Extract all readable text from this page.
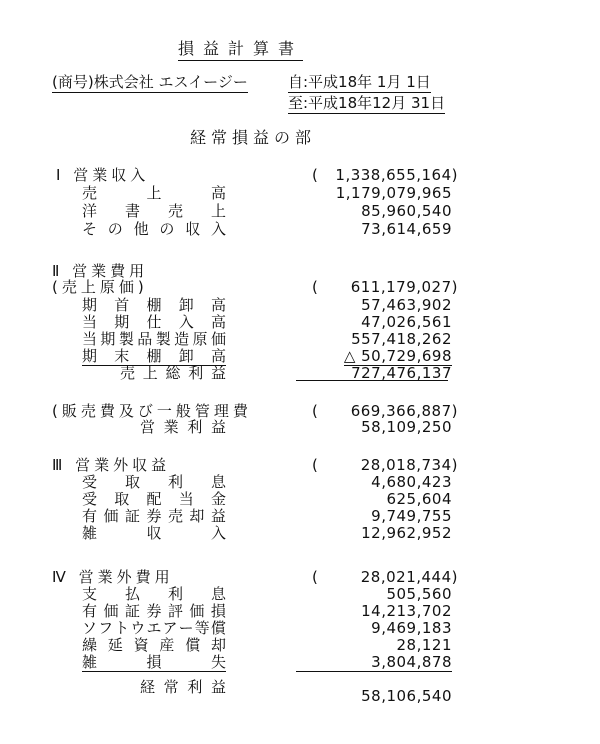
損益計算書
(商号)株式会社 エスイージー	自:平成18年 1月 1日
至:平成18年12月 31日
経常損益の部
Ⅰ 営業収入	( 1,338,655,164)
売	上	高	1,179,079,965
洋 書 売 上	85,960,540
そ の 他 の 収 入	73,614,659
Ⅱ 営業費用
(売上原価)	( 611,179,027)
期 首 棚 卸 高	57,463,902
当 期 仕 入 高	47,026,561
当 期 製 品 製 造 原 価	557,418,262
期 末 棚 卸 高	△ 50,729,698
売 上 総 利 益	727,476,137
(販売費及び一般管理費	( 669,366,887)
営 業 利 益	58,109,250
Ⅲ 営業外収益	(	28,018,734)
受 取 利 息	4,680,423
受 取 配 当 金	625,604
有 価 証 券 売 却 益	9,749,755
雑	収	入	12,962,952
Ⅳ 営業外費用	(	28,021,444)
支 払 利 息	505,560
有 価 証 券 評 価 損	14,213,702
ソ フ ト ウ エ ア ー 等 償	9,469,183
繰 延 資 産 償 却	28,121
雑	損	失	3,804,878
経 常 利 益	58,106,540
